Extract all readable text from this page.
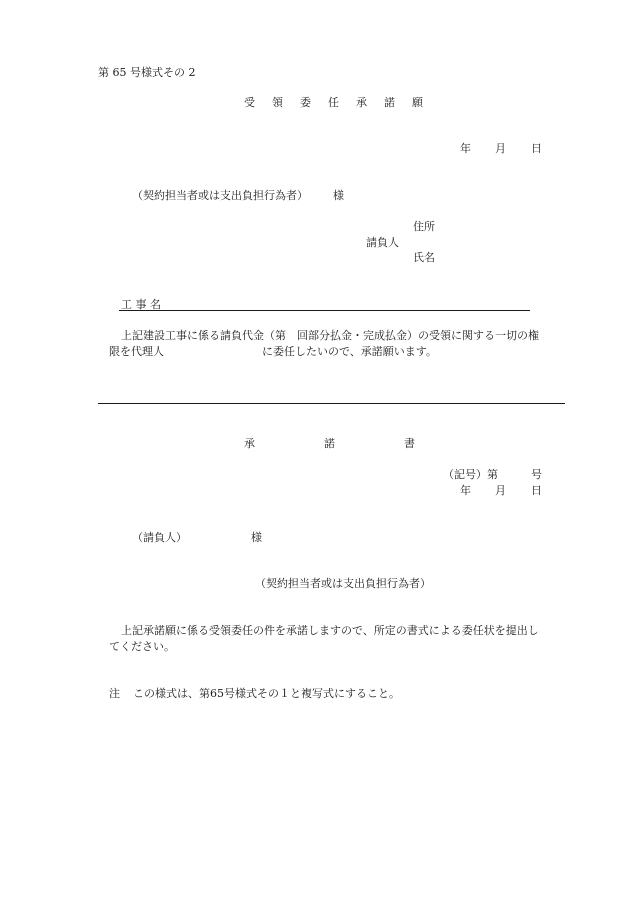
第 65 号様式その 2
受領委任承諾願
年 月 日
（契約担当者或は支出負担行為者） 様
住所
請負人
氏名
工 事 名
上記建設工事に係る請負代金（第　回部分払金・完成払金）の受領に関する一切の権
限を代理人	に委任したいので、承諾願います。
承	諾	書
（記号）第	号
年 月 日
（請負人）	様
（契約担当者或は支出負担行為者）
上記承諾願に係る受領委任の件を承諾しますので、所定の書式による委任状を提出し
てください。
注 この様式は、第65号様式その１と複写式にすること。
